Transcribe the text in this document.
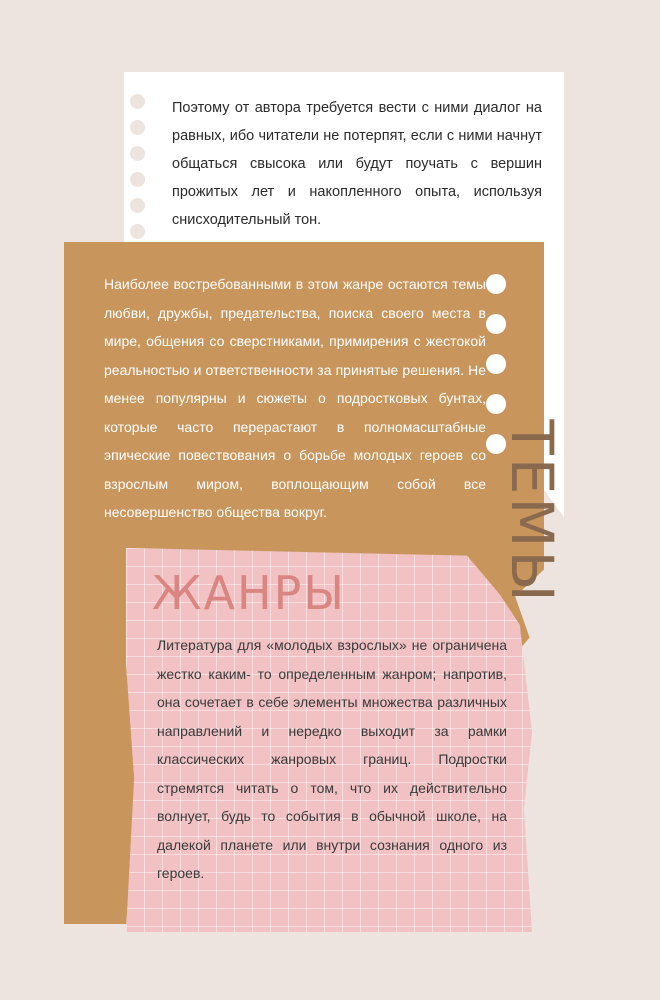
Поэтому от автора требуется вести с ними диалог на равных, ибо читатели не потерпят, если с ними начнут общаться свысока или будут поучать с вершин прожитых лет и накопленного опыта, используя снисходительный тон.
Наиболее востребованными в этом жанре остаются темы любви, дружбы, предательства, поиска своего места в мире, общения со сверстниками, примирения с жестокой реальностью и ответственности за принятые решения. Не менее популярны и сюжеты о подростковых бунтах, которые часто перерастают в полномасштабные эпические повествования о борьбе молодых героев со взрослым миром, воплощающим собой все несовершенство общества вокруг.	ТЕМЫ
ЖАНРЫ
Литература для «молодых взрослых» не ограничена жестко каким- то определенным жанром; напротив, она сочетает в себе элементы множества различных направлений и нередко выходит за рамки классических жанровых границ. Подростки стремятся читать о том, что их действительно волнует, будь то события в обычной школе, на далекой планете или внутри сознания одного из героев.
